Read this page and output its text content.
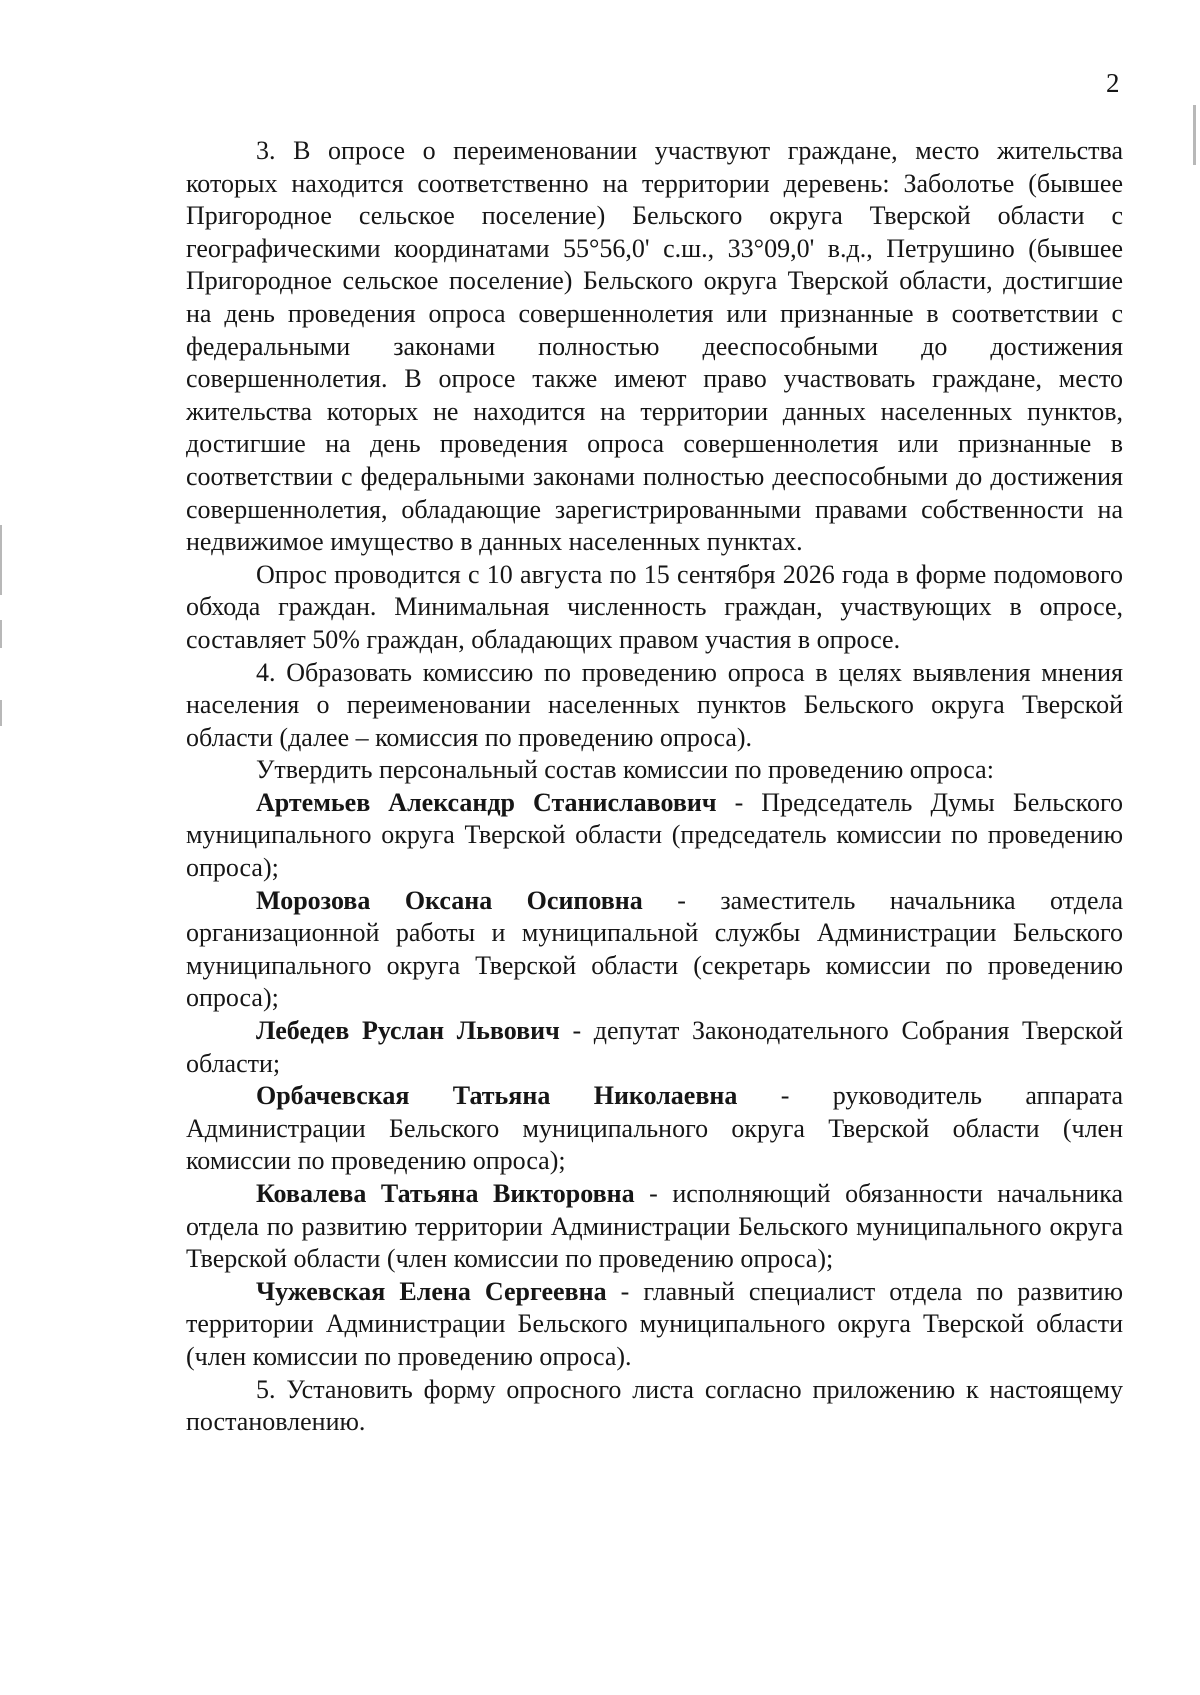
2

3. В опросе о переименовании участвуют граждане, место жительства которых находится соответственно на территории деревень: Заболотье (бывшее Пригородное сельское поселение) Бельского округа Тверской области с географическими координатами 55°56,0' с.ш., 33°09,0' в.д., Петрушино (бывшее Пригородное сельское поселение) Бельского округа Тверской области, достигшие на день проведения опроса совершеннолетия или признанные в соответствии с федеральными законами полностью дееспособными до достижения совершеннолетия. В опросе также имеют право участвовать граждане, место жительства которых не находится на территории данных населенных пунктов, достигшие на день проведения опроса совершеннолетия или признанные в соответствии с федеральными законами полностью дееспособными до достижения совершеннолетия, обладающие зарегистрированными правами собственности на недвижимое имущество в данных населенных пунктах.

Опрос проводится с 10 августа по 15 сентября 2026 года в форме подомового обхода граждан. Минимальная численность граждан, участвующих в опросе, составляет 50% граждан, обладающих правом участия в опросе.

4. Образовать комиссию по проведению опроса в целях выявления мнения населения о переименовании населенных пунктов Бельского округа Тверской области (далее – комиссия по проведению опроса).

Утвердить персональный состав комиссии по проведению опроса:

Артемьев Александр Станиславович - Председатель Думы Бельского муниципального округа Тверской области (председатель комиссии по проведению опроса);

Морозова Оксана Осиповна - заместитель начальника отдела организационной работы и муниципальной службы Администрации Бельского муниципального округа Тверской области (секретарь комиссии по проведению опроса);

Лебедев Руслан Львович - депутат Законодательного Собрания Тверской области;

Орбачевская Татьяна Николаевна - руководитель аппарата Администрации Бельского муниципального округа Тверской области (член комиссии по проведению опроса);

Ковалева Татьяна Викторовна - исполняющий обязанности начальника отдела по развитию территории Администрации Бельского муниципального округа Тверской области (член комиссии по проведению опроса);

Чужевская Елена Сергеевна - главный специалист отдела по развитию территории Администрации Бельского муниципального округа Тверской области (член комиссии по проведению опроса).

5. Установить форму опросного листа согласно приложению к настоящему постановлению.
